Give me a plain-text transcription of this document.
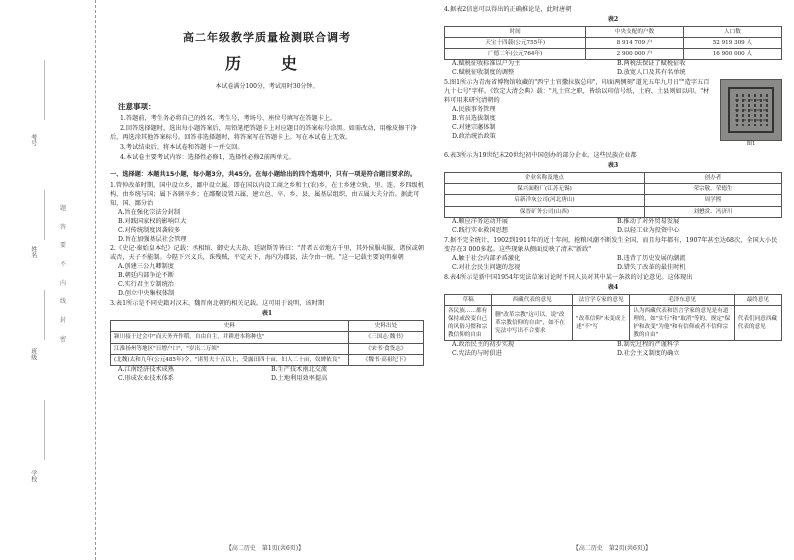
考号
姓名
班级
学校
题
答
要
不
内
线
封
密
高二年级教学质量检测联合调考
历　史
本试卷满分100分，考试用时30分钟。
注意事项：

1.答题前，考生务必将自己的姓名、考生号、考场号、座位号填写在答题卡上。

2.回答选择题时，选出每小题答案后，用铅笔把答题卡上对应题目的答案标号涂黑。如需改动，用橡皮擦干净后，再选涂其他答案标号。回答非选择题时，将答案写在答题卡上。写在本试卷上无效。

3.考试结束后，将本试卷和答题卡一并交回。

4.本试卷主要考试内容：选择性必修1，选择性必修2前两单元。

一、选择题：本题共15小题，每小题3分，共45分。在每小题给出的四个选项中，只有一项是符合题目要求的。
1.管仲改革时期，国中设立乡，鄙中设立属。即在国以内设工商之乡和士(农)乡，在士乡建立轨、里、连、乡四级机构，由乡统与国；属下各辖卒乡；在鄙聚设置五属，建立邑、卒、乡、县，属基层组织，由五属大夫分治。据此可知，国、鄙分治
A.旨在强化宗法分封制
B.对践国家权的影响巨大
C.对传统制度因袭较多
D.旨在加强基层社会管理
2.《史记·秦始皇本纪》记载：丞相绾、御史大夫劫、廷尉斯等皆曰："昔者五帝地方千里，其外侯服夷服，诸侯或朝或否，天子不能制。今陛下兴义兵，诛残贼，平定天下，海内为郡县，法令由一统。"这一记载主要说明秦朝
A.创建三公九卿制度
B.朝廷内部争论不断
C.实行君主专制统治
D.创立中央集权体制
3.表1所示是不同史籍对汉末、魏晋南北朝的相关记载。这可用于说明，该时期
表1
史料	史料出处
颍川接于过会中"而天务齐作稻，自由自主，并耕进本称种也"	《三国志·魏书》
江淮扬州等地区"日增户口"，"岁出二万顷"	《宋书·食货志》
(北魏)太和九年(公元485年)令，"诸男夫十五以上，受露田四十亩，妇人二十亩，奴婢依良"	《魏书·高祖纪下》
A.江南经济技术成熟	B.生产技术南北交流
C.形成农业技术体系	D.土地利用效率提高
【高二历史　第1页(共6页)】
4.据表2信息可以得出的正确推论是，此时唐朝
表2
时间	中央支配的户数	人口数
天宝十四载(公元755年)	8 914 709 户	52 919 309 人
广德二年(公元764年)	2 900 000 户	16 900 000 人
A.赋税征收标准以户为主	B.两税法保证了赋税征收
C.赋税征收制度的调整	D.放宽人口及其有名单统
图1
5.图1所示为青海省博物馆收藏的"西宁土官撒拉族总印"，印面两侧刻"道光五年九月日""造字五百九十七号"字样。《钦定大清会典》载："凡土官之职，皆给以印信号纸，土府、土县则如以印。"材料可用来研究清朝的
A.民族事务管理
B.官员选拔制度
C.对建宗藩体制
D.政治统治政策
6.表3所示为19世纪末20世纪初中国创办的部分企业。这些民族企业都
表3
企业名称及地点	创办者
保兴面粉厂(江苏无锡)	荣宗敬、荣德生
启新洋灰公司(河北唐山)	周学熙
保晋矿务公司(山西)	刘懋赏、冯济川
A.顺应洋务运动开展	B.推动了对外贸易发展
C.践行实业救国思想	D.以轻工业为投资中心
7.据不完全统计，1902到1911年的近十年间，抢粮风潮不断发生全国，而且每年都有，1907年甚至达68次，全国大小民变存在3 000多起。这些现象从侧面反映了清末"新政"
A.触于社会内部矛盾激化	B.违背了历史发展的潮流
C.对社会民生问题的忽视	D.错失了改革的最佳时机
8.表4所示是新中国1954年宪法草案讨论时不同人员对其中某一条款的讨论意见。这体现出
表4
草稿	西藏代表的意见	法官学专家的意见	毛泽东意见	最终意见
各民族……都有保持或改变自己的风俗习惯和宗教信仰的自由	删"改革宗教"这可以，说"改革宗教信仰的自由"，如不在宪法中写出不合要求	"改革信仰"未变成上述"不"写	认为西藏代表和语言学家的意见是有道理的，如"实行"和"取消"等的，规定"保护和改变"为他"和有信仰或者不信仰宗教的自由"	代表们同意西藏代表的意见
A.政治民主的初步实现	B.制宪过程的严谨科学
C.宪法的与时俱进	D.社会主义制度的确立
【高二历史　第2页(共6页)】
